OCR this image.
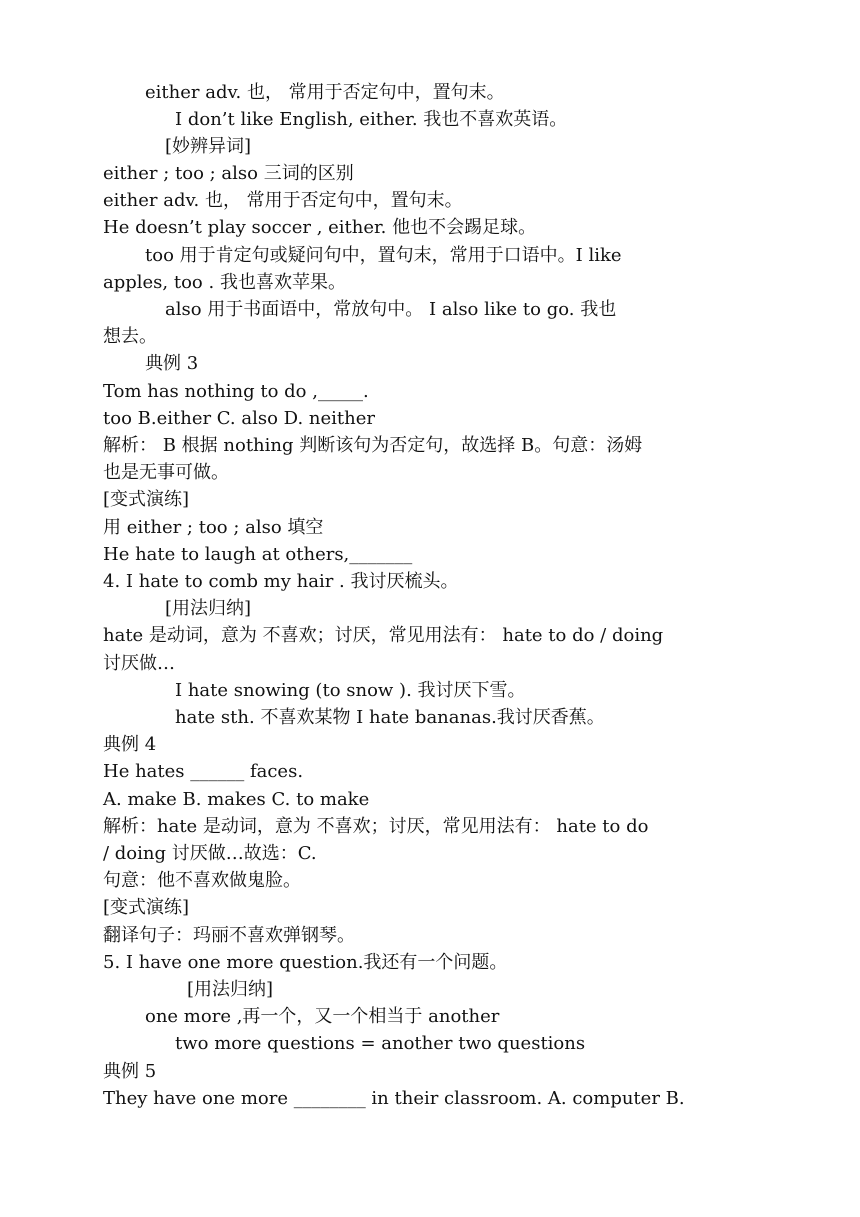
either adv. 也， 常用于否定句中，置句末。
I don’t like English, either. 我也不喜欢英语。
[妙辨异词]
either ; too ; also 三词的区别
either adv. 也， 常用于否定句中，置句末。
He doesn’t play soccer , either. 他也不会踢足球。
too 用于肯定句或疑问句中，置句末，常用于口语中。I like
apples, too . 我也喜欢苹果。
also 用于书面语中，常放句中。 I also like to go. 我也
想去。
典例 3
Tom has nothing to do ,_____.
too B.either C. also D. neither
解析： B 根据 nothing 判断该句为否定句，故选择 B。句意：汤姆
也是无事可做。
[变式演练]
用 either ; too ; also 填空
He hate to laugh at others,_______
4. I hate to comb my hair . 我讨厌梳头。
[用法归纳]
hate 是动词，意为 不喜欢；讨厌，常见用法有： hate to do / doing
讨厌做…
I hate snowing (to snow ). 我讨厌下雪。
hate sth. 不喜欢某物 I hate bananas.我讨厌香蕉。
典例 4
He hates ______ faces.
A. make B. makes C. to make
解析：hate 是动词，意为 不喜欢；讨厌，常见用法有： hate to do
/ doing 讨厌做…故选：C.
句意：他不喜欢做鬼脸。
[变式演练]
翻译句子：玛丽不喜欢弹钢琴。
5. I have one more question.我还有一个问题。
[用法归纳]
one more ,再一个，又一个相当于 another
two more questions = another two questions
典例 5
They have one more ________ in their classroom. A. computer B.
